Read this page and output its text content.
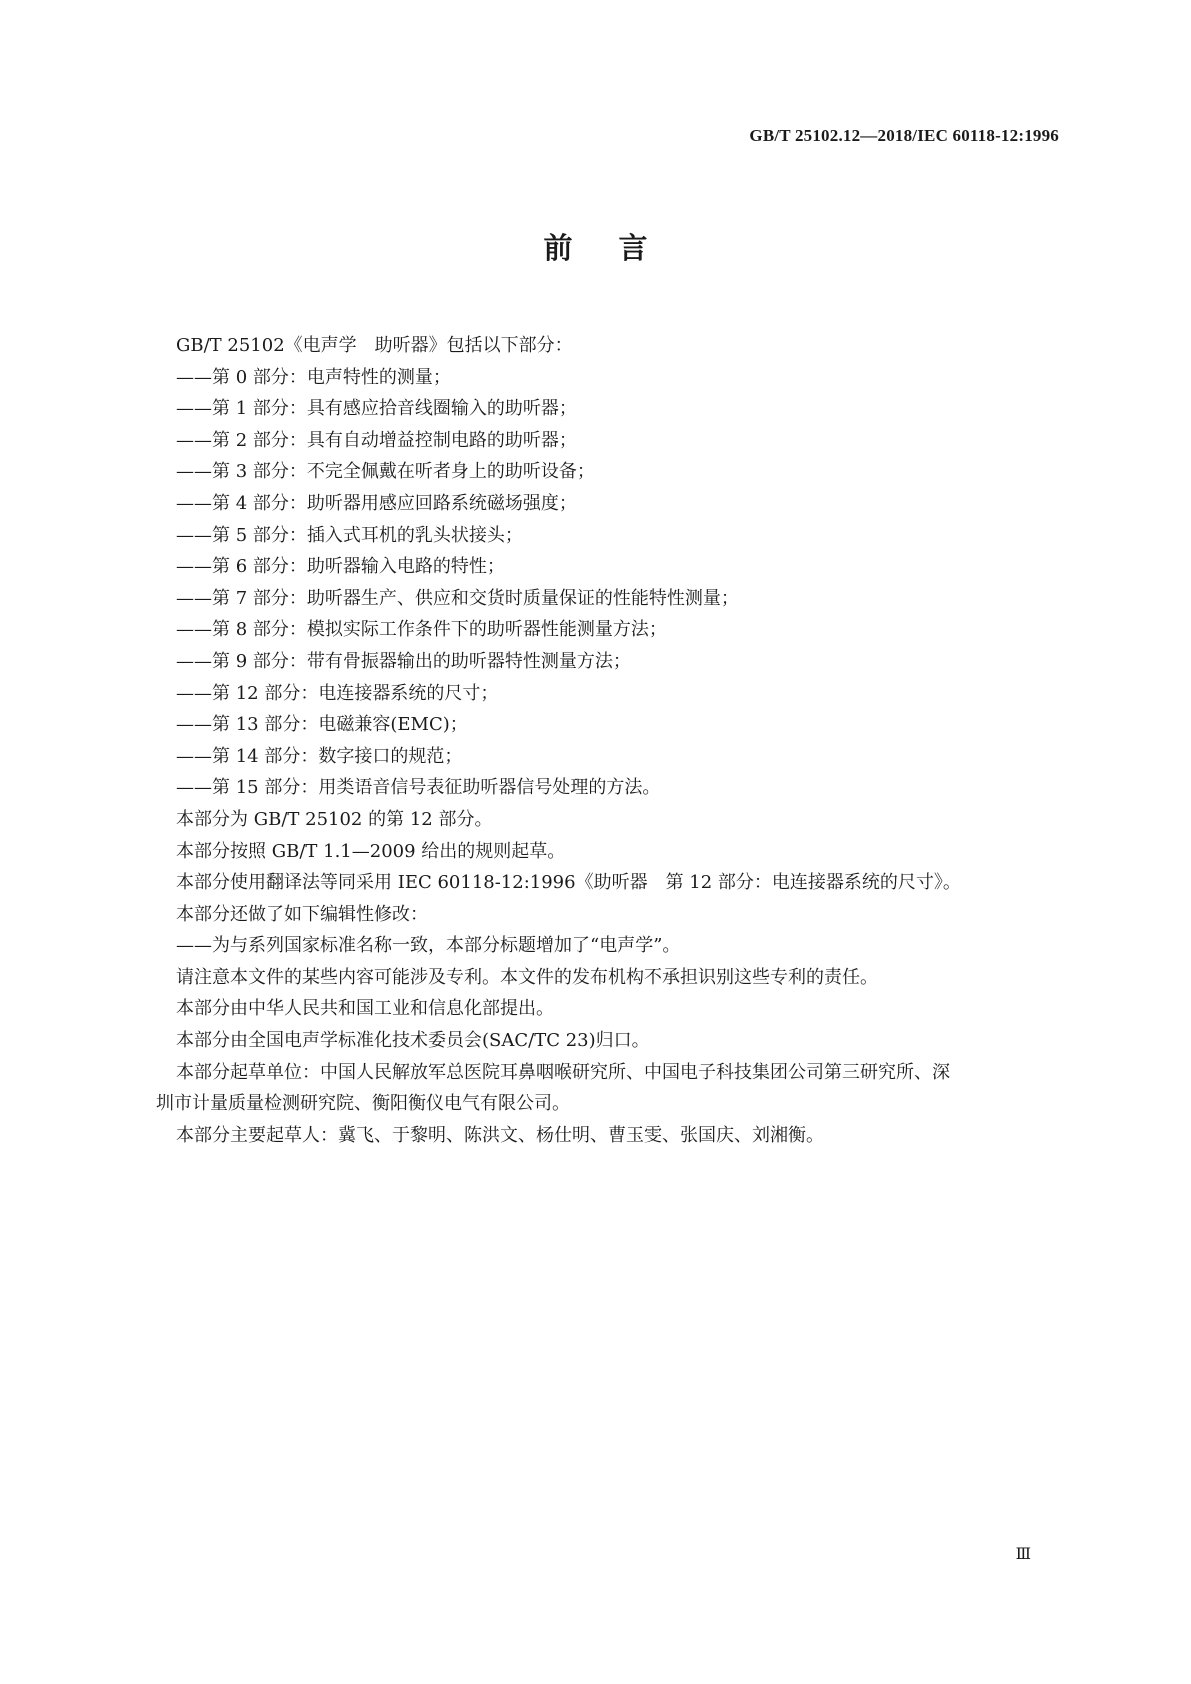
GB/T 25102.12—2018/IEC 60118-12:1996
前言
GB/T 25102《电声学　助听器》包括以下部分：
——第 0 部分：电声特性的测量；
——第 1 部分：具有感应拾音线圈输入的助听器；
——第 2 部分：具有自动增益控制电路的助听器；
——第 3 部分：不完全佩戴在听者身上的助听设备；
——第 4 部分：助听器用感应回路系统磁场强度；
——第 5 部分：插入式耳机的乳头状接头；
——第 6 部分：助听器输入电路的特性；
——第 7 部分：助听器生产、供应和交货时质量保证的性能特性测量；
——第 8 部分：模拟实际工作条件下的助听器性能测量方法；
——第 9 部分：带有骨振器输出的助听器特性测量方法；
——第 12 部分：电连接器系统的尺寸；
——第 13 部分：电磁兼容(EMC)；
——第 14 部分：数字接口的规范；
——第 15 部分：用类语音信号表征助听器信号处理的方法。
本部分为 GB/T 25102 的第 12 部分。
本部分按照 GB/T 1.1—2009 给出的规则起草。
本部分使用翻译法等同采用 IEC 60118-12:1996《助听器　第 12 部分：电连接器系统的尺寸》。
本部分还做了如下编辑性修改：
——为与系列国家标准名称一致，本部分标题增加了“电声学”。
请注意本文件的某些内容可能涉及专利。本文件的发布机构不承担识别这些专利的责任。
本部分由中华人民共和国工业和信息化部提出。
本部分由全国电声学标准化技术委员会(SAC/TC 23)归口。
本部分起草单位：中国人民解放军总医院耳鼻咽喉研究所、中国电子科技集团公司第三研究所、深
圳市计量质量检测研究院、衡阳衡仪电气有限公司。
本部分主要起草人：冀飞、于黎明、陈洪文、杨仕明、曹玉雯、张国庆、刘湘衡。
Ⅲ
